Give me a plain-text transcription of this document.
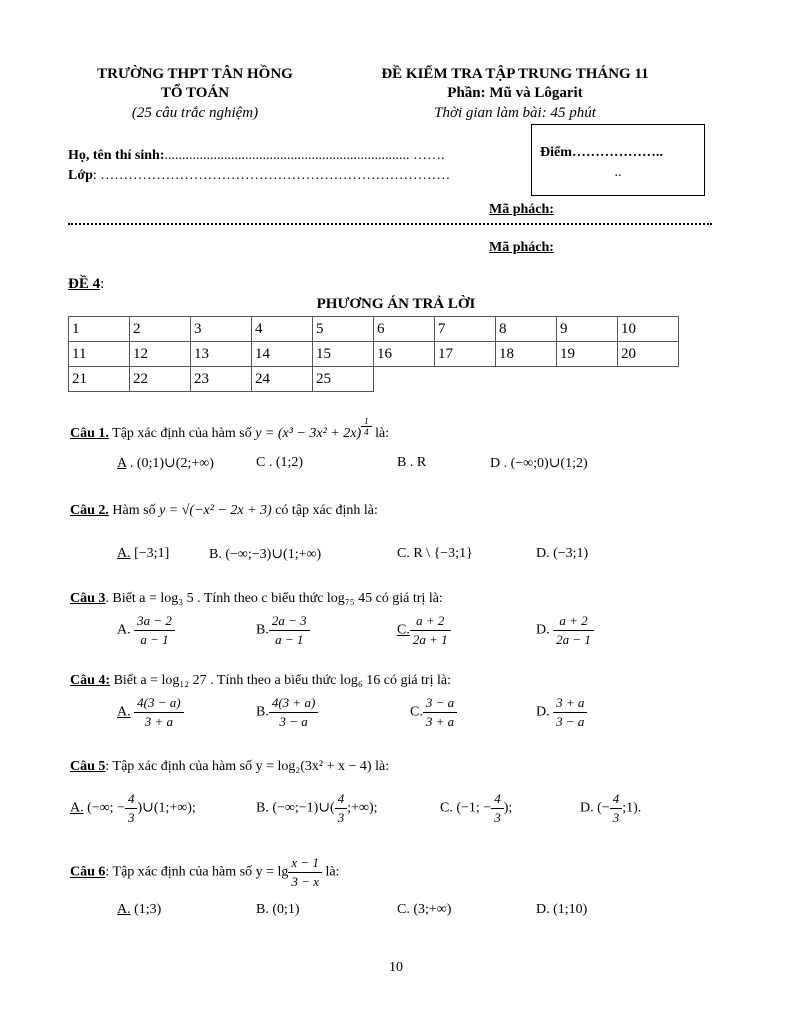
TRƯỜNG THPT TÂN HỒNG
TỔ TOÁN
(25 câu trắc nghiệm)
ĐỀ KIỂM TRA TẬP TRUNG THÁNG 11
Phần: Mũ và Lôgarit
Thời gian làm bài: 45 phút
Họ, tên thí sinh:...................................................................... …….
Lớp: …………………………………………………………………
Điểm………………..
..
Mã phách:
Mã phách:
ĐỀ 4:
PHƯƠNG ÁN TRẢ LỜI
1	2	3	4	5	6	7	8	9	10
11	12	13	14	15	16	17	18	19	20
21	22	23	24	25					
Câu 1. Tập xác định của hàm số $y = (x^3 - 3x^2 + 2x) \frac{1}{4}$ là:
A . (0;1)∪(2;+∞)	C . (1;2)	B . R	D . (−∞;0)∪(1;2)
Câu 2. Hàm số y = √(−x² − 2x + 3) có tập xác định là:
A. [−3;1]	B. (−∞;−3)∪(1;+∞)	C. R \ {−3;1}	D. (−3;1)
Câu 3. Biết a = log₃ 5 . Tính theo c biểu thức log₇₅ 45 có giá trị là:
A. $\frac{3a - 2}{a - 1}$	B. $\frac{2a - 3}{a - 1}$	C. $\frac{a + 2}{2a + 1}$	D. $\frac{a + 2}{2a - 1}$
Câu 4: Biết a = log₁₂ 27 . Tính theo a biểu thức log₆ 16 có giá trị là:
A. $\frac{4(3 - a)}{3 + a}$	B. $\frac{4(3 + a)}{3 - a}$	C. $\frac{3 - a}{3 + a}$	D. $\frac{3 + a}{3 - a}$
Câu 5: Tập xác định của hàm số y = log₂(3x² + x − 4) là:
A. (−∞; − $\frac{4}{3}$ )∪(1;+∞);	B. (−∞;−1)∪( $\frac{4}{3}$ ;+∞);	C. (−1; − $\frac{4}{3}$ );	D. (− $\frac{4}{3}$ ;1).
Câu 6: Tập xác định của hàm số $y = \lg \frac{x - 1}{3 - x}$ là:
A. (1;3)	B. (0;1)	C. (3;+∞)	D. (1;10)
10
